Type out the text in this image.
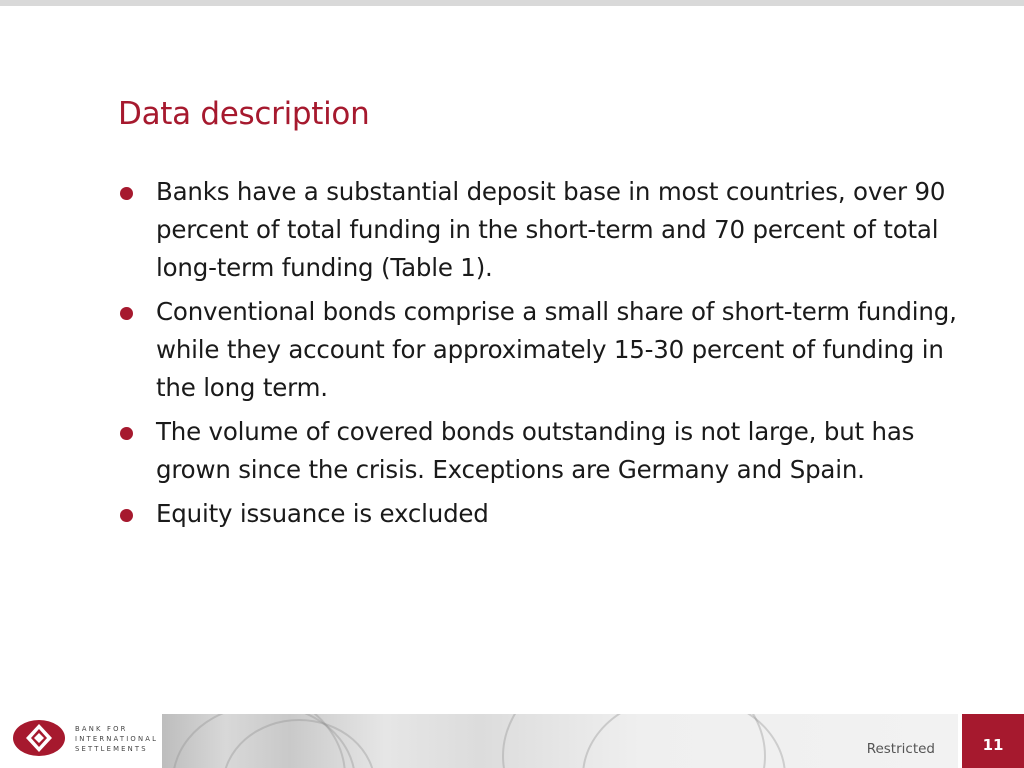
Data description
Banks have a substantial deposit base in most countries, over 90 percent of total funding in the short-term and 70 percent of total long-term funding (Table 1).
Conventional bonds comprise a small share of short-term funding, while they account for approximately 15-30 percent of funding in the long term.
The volume of covered bonds outstanding is not large, but has grown since the crisis. Exceptions are Germany and Spain.
Equity issuance is excluded
BANK FOR
INTERNATIONAL
SETTLEMENTS	Restricted	11
